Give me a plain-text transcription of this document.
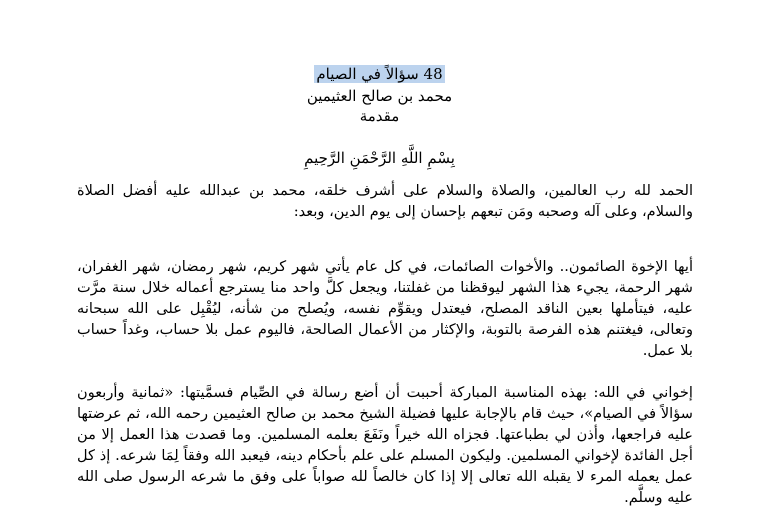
48 سؤالاً في الصيام
محمد بن صالح العثيمين
مقدمة
بِسْمِ اللَّهِ الرَّحْمَنِ الرَّحِيمِ

الحمد لله رب العالمين، والصلاة والسلام على أشرف خلقه، محمد بن عبدالله عليه أفضل الصلاة والسلام، وعلى آله وصحبه ومَن تبعهم بإحسان إلى يوم الدين، وبعد:

أيها الإخوة الصائمون.. والأخوات الصائمات، في كل عام يأتي شهر كريم، شهر رمضان، شهر الغفران، شهر الرحمة، يجيء هذا الشهر ليوقظنا من غفلتنا، ويجعل كلَّ واحد منا يسترجع أعماله خلال سنة مرَّت عليه، فيتأملها بعين الناقد المصلح، فيعتدل ويقوِّم نفسه، ويُصلح من شأنه، ليُقْبِل على الله سبحانه وتعالى، فيغتنم هذه الفرصة بالتوبة، والإكثار من الأعمال الصالحة، فاليوم عمل بلا حساب، وغداً حساب بلا عمل.

إخواني في الله: بهذه المناسبة المباركة أحببت أن أضع رسالة في الصِّيام فسمَّيتها: «ثمانية وأربعون سؤالاً في الصيام»، حيث قام بالإجابة عليها فضيلة الشيخ محمد بن صالح العثيمين رحمه الله، ثم عرضتها عليه فراجعها، وأذن لي بطباعتها. فجزاه الله خيراً ونَفَعَ بعلمه المسلمين. وما قصدت هذا العمل إلا من أجل الفائدة لإخواني المسلمين. وليكون المسلم على علم بأحكام دينه، فيعبد الله وفقاً لِمَا شرعه. إذ كل عمل يعمله المرء لا يقبله الله تعالى إلا إذا كان خالصاً لله صواباً على وفق ما شرعه الرسول صلى الله عليه وسلَّم.
